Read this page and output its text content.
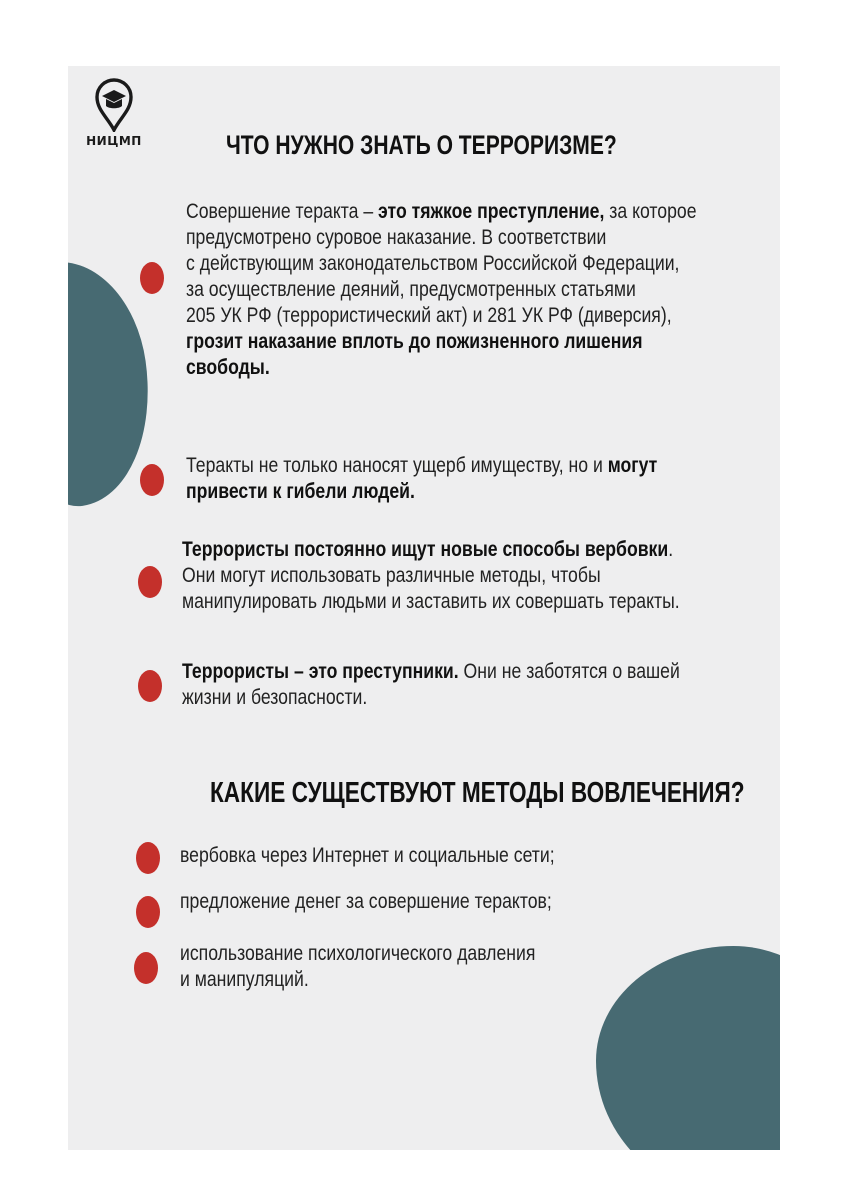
НИЦМП	ЧТО НУЖНО ЗНАТЬ О ТЕРРОРИЗМЕ?

Совершение теракта – это тяжкое преступление, за которое
предусмотрено суровое наказание. В соответствии
с действующим законодательством Российской Федерации,
за осуществление деяний, предусмотренных статьями
205 УК РФ (террористический акт) и 281 УК РФ (диверсия),
грозит наказание вплоть до пожизненного лишения
свободы.

Теракты не только наносят ущерб имуществу, но и могут
привести к гибели людей.

Террористы постоянно ищут новые способы вербовки.
Они могут использовать различные методы, чтобы
манипулировать людьми и заставить их совершать теракты.

Террористы – это преступники. Они не заботятся о вашей
жизни и безопасности.

КАКИЕ СУЩЕСТВУЮТ МЕТОДЫ ВОВЛЕЧЕНИЯ?

вербовка через Интернет и социальные сети;

предложение денег за совершение терактов;

использование психологического давления
и манипуляций.
